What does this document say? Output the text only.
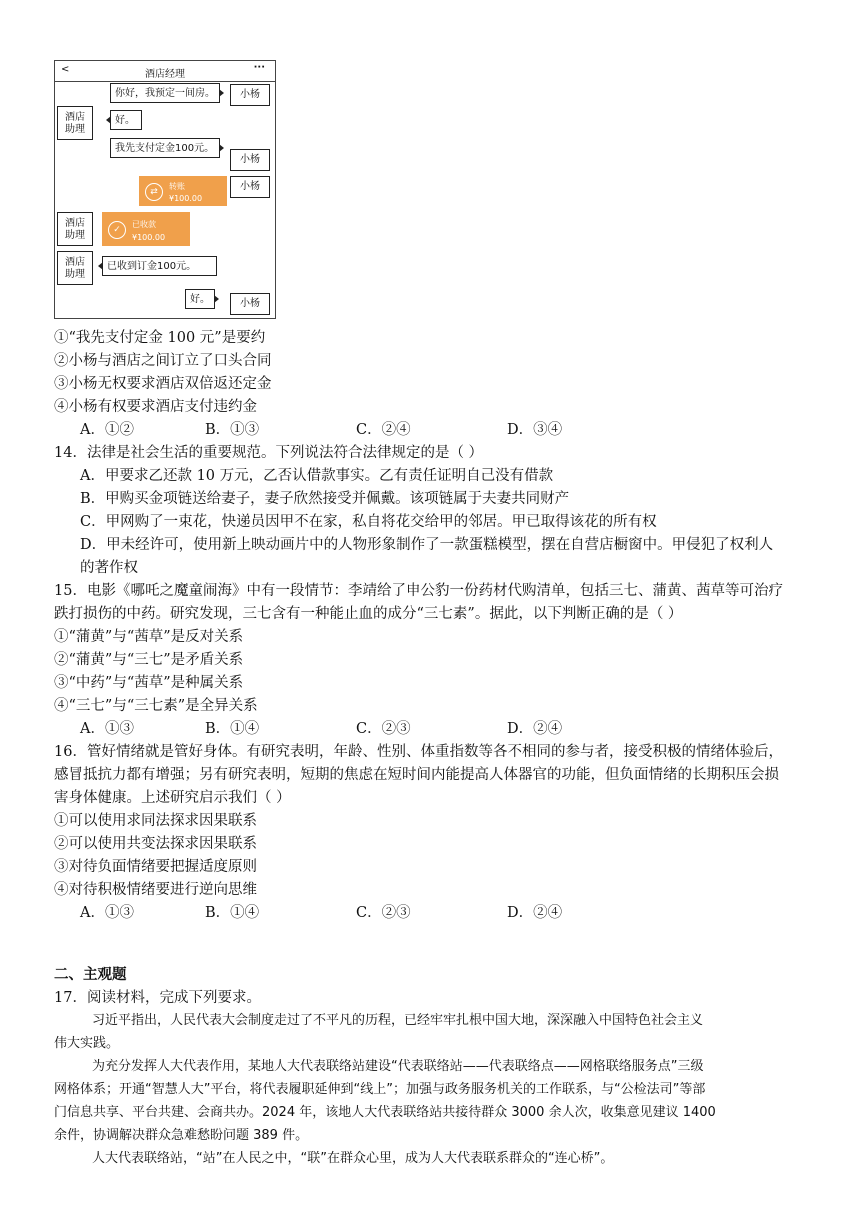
<	酒店经理
···
你好，我预定一间房。	小杨
酒店
助理
好。
我先支付定金100元。
小杨
⇄
转账
¥100.00
小杨
酒店
助理	✓
已收款
¥100.00
酒店
助理
已收到订金100元。
好。	小杨
①“我先支付定金 100 元”是要约
②小杨与酒店之间订立了口头合同
③小杨无权要求酒店双倍返还定金
④小杨有权要求酒店支付违约金
A．①②	B．①③	C．②④	D．③④
14．法律是社会生活的重要规范。下列说法符合法律规定的是（ ）
A．甲要求乙还款 10 万元，乙否认借款事实。乙有责任证明自己没有借款
B．甲购买金项链送给妻子，妻子欣然接受并佩戴。该项链属于夫妻共同财产
C．甲网购了一束花，快递员因甲不在家，私自将花交给甲的邻居。甲已取得该花的所有权
D．甲未经许可，使用新上映动画片中的人物形象制作了一款蛋糕模型，摆在自营店橱窗中。甲侵犯了权利人
的著作权
15．电影《哪吒之魔童闹海》中有一段情节：李靖给了申公豹一份药材代购清单，包括三七、蒲黄、茜草等可治疗
跌打损伤的中药。研究发现，三七含有一种能止血的成分“三七素”。据此，以下判断正确的是（ ）
①“蒲黄”与“茜草”是反对关系
②“蒲黄”与“三七”是矛盾关系
③“中药”与“茜草”是种属关系
④“三七”与“三七素”是全异关系
A．①③	B．①④	C．②③	D．②④
16．管好情绪就是管好身体。有研究表明，年龄、性别、体重指数等各不相同的参与者，接受积极的情绪体验后，
感冒抵抗力都有增强；另有研究表明，短期的焦虑在短时间内能提高人体器官的功能，但负面情绪的长期积压会损
害身体健康。上述研究启示我们（ ）
①可以使用求同法探求因果联系
②可以使用共变法探求因果联系
③对待负面情绪要把握适度原则
④对待积极情绪要进行逆向思维
A．①③	B．①④	C．②③	D．②④
二、主观题
17．阅读材料，完成下列要求。
习近平指出，人民代表大会制度走过了不平凡的历程，已经牢牢扎根中国大地，深深融入中国特色社会主义
伟大实践。
为充分发挥人大代表作用，某地人大代表联络站建设“代表联络站——代表联络点——网格联络服务点”三级
网格体系；开通“智慧人大”平台，将代表履职延伸到“线上”；加强与政务服务机关的工作联系，与“公检法司”等部
门信息共享、平台共建、会商共办。2024 年，该地人大代表联络站共接待群众 3000 余人次，收集意见建议 1400
余件，协调解决群众急难愁盼问题 389 件。
人大代表联络站，“站”在人民之中，“联”在群众心里，成为人大代表联系群众的“连心桥”。
